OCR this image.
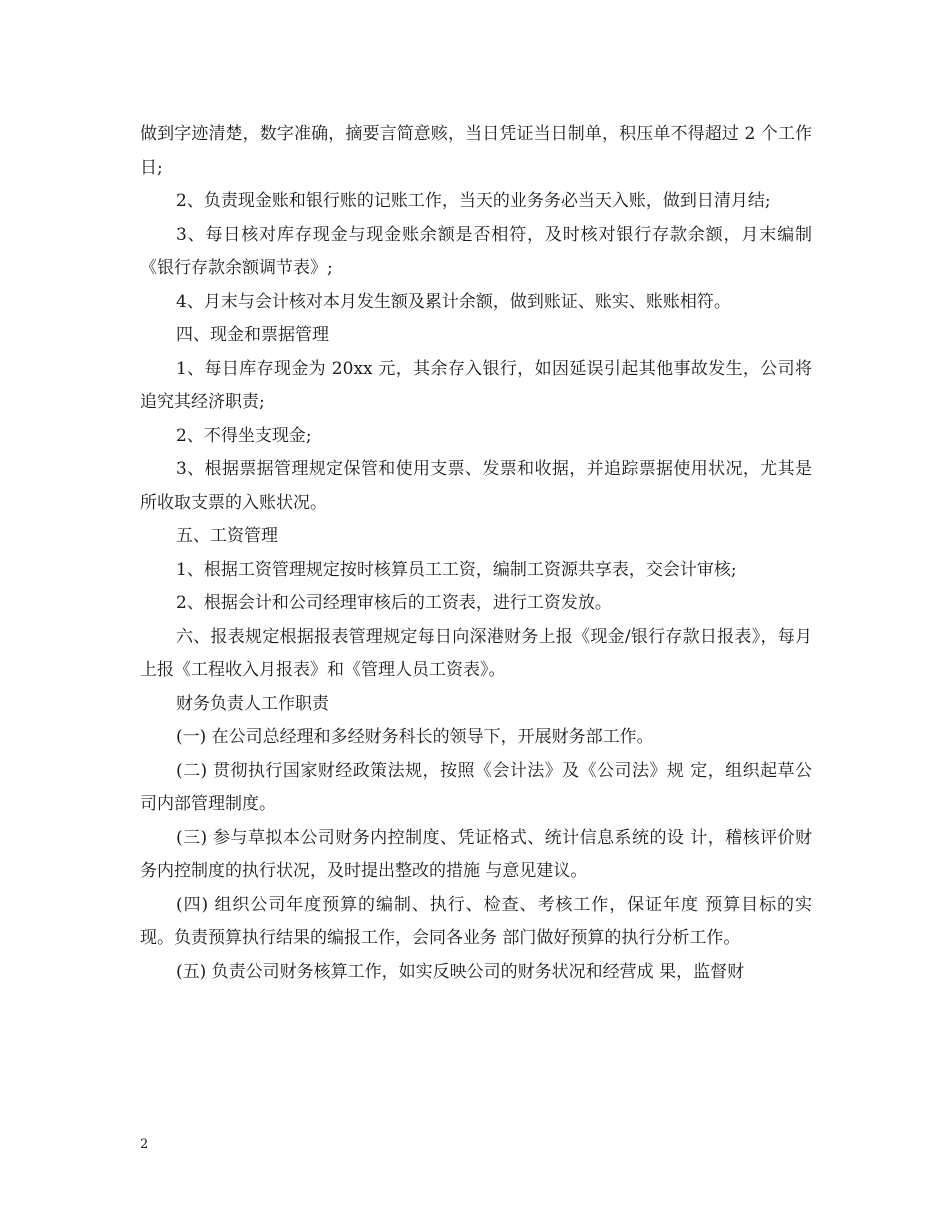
做到字迹清楚，数字准确，摘要言简意赅，当日凭证当日制单，积压单不得超过 2 个工作日;

2、负责现金账和银行账的记账工作，当天的业务务必当天入账，做到日清月结;

3、每日核对库存现金与现金账余额是否相符，及时核对银行存款余额，月末编制《银行存款余额调节表》;

4、月末与会计核对本月发生额及累计余额，做到账证、账实、账账相符。

四、现金和票据管理

1、每日库存现金为 20xx 元，其余存入银行，如因延误引起其他事故发生，公司将追究其经济职责;

2、不得坐支现金;

3、根据票据管理规定保管和使用支票、发票和收据，并追踪票据使用状况，尤其是所收取支票的入账状况。

五、工资管理

1、根据工资管理规定按时核算员工工资，编制工资源共享表，交会计审核;

2、根据会计和公司经理审核后的工资表，进行工资发放。

六、报表规定根据报表管理规定每日向深港财务上报《现金/银行存款日报表》，每月上报《工程收入月报表》和《管理人员工资表》。

财务负责人工作职责

(一) 在公司总经理和多经财务科长的领导下，开展财务部工作。

(二) 贯彻执行国家财经政策法规，按照《会计法》及《公司法》规 定，组织起草公司内部管理制度。

(三) 参与草拟本公司财务内控制度、凭证格式、统计信息系统的设 计，稽核评价财务内控制度的执行状况，及时提出整改的措施 与意见建议。

(四) 组织公司年度预算的编制、执行、检查、考核工作，保证年度 预算目标的实现。负责预算执行结果的编报工作，会同各业务 部门做好预算的执行分析工作。

(五) 负责公司财务核算工作，如实反映公司的财务状况和经营成 果，监督财

2
